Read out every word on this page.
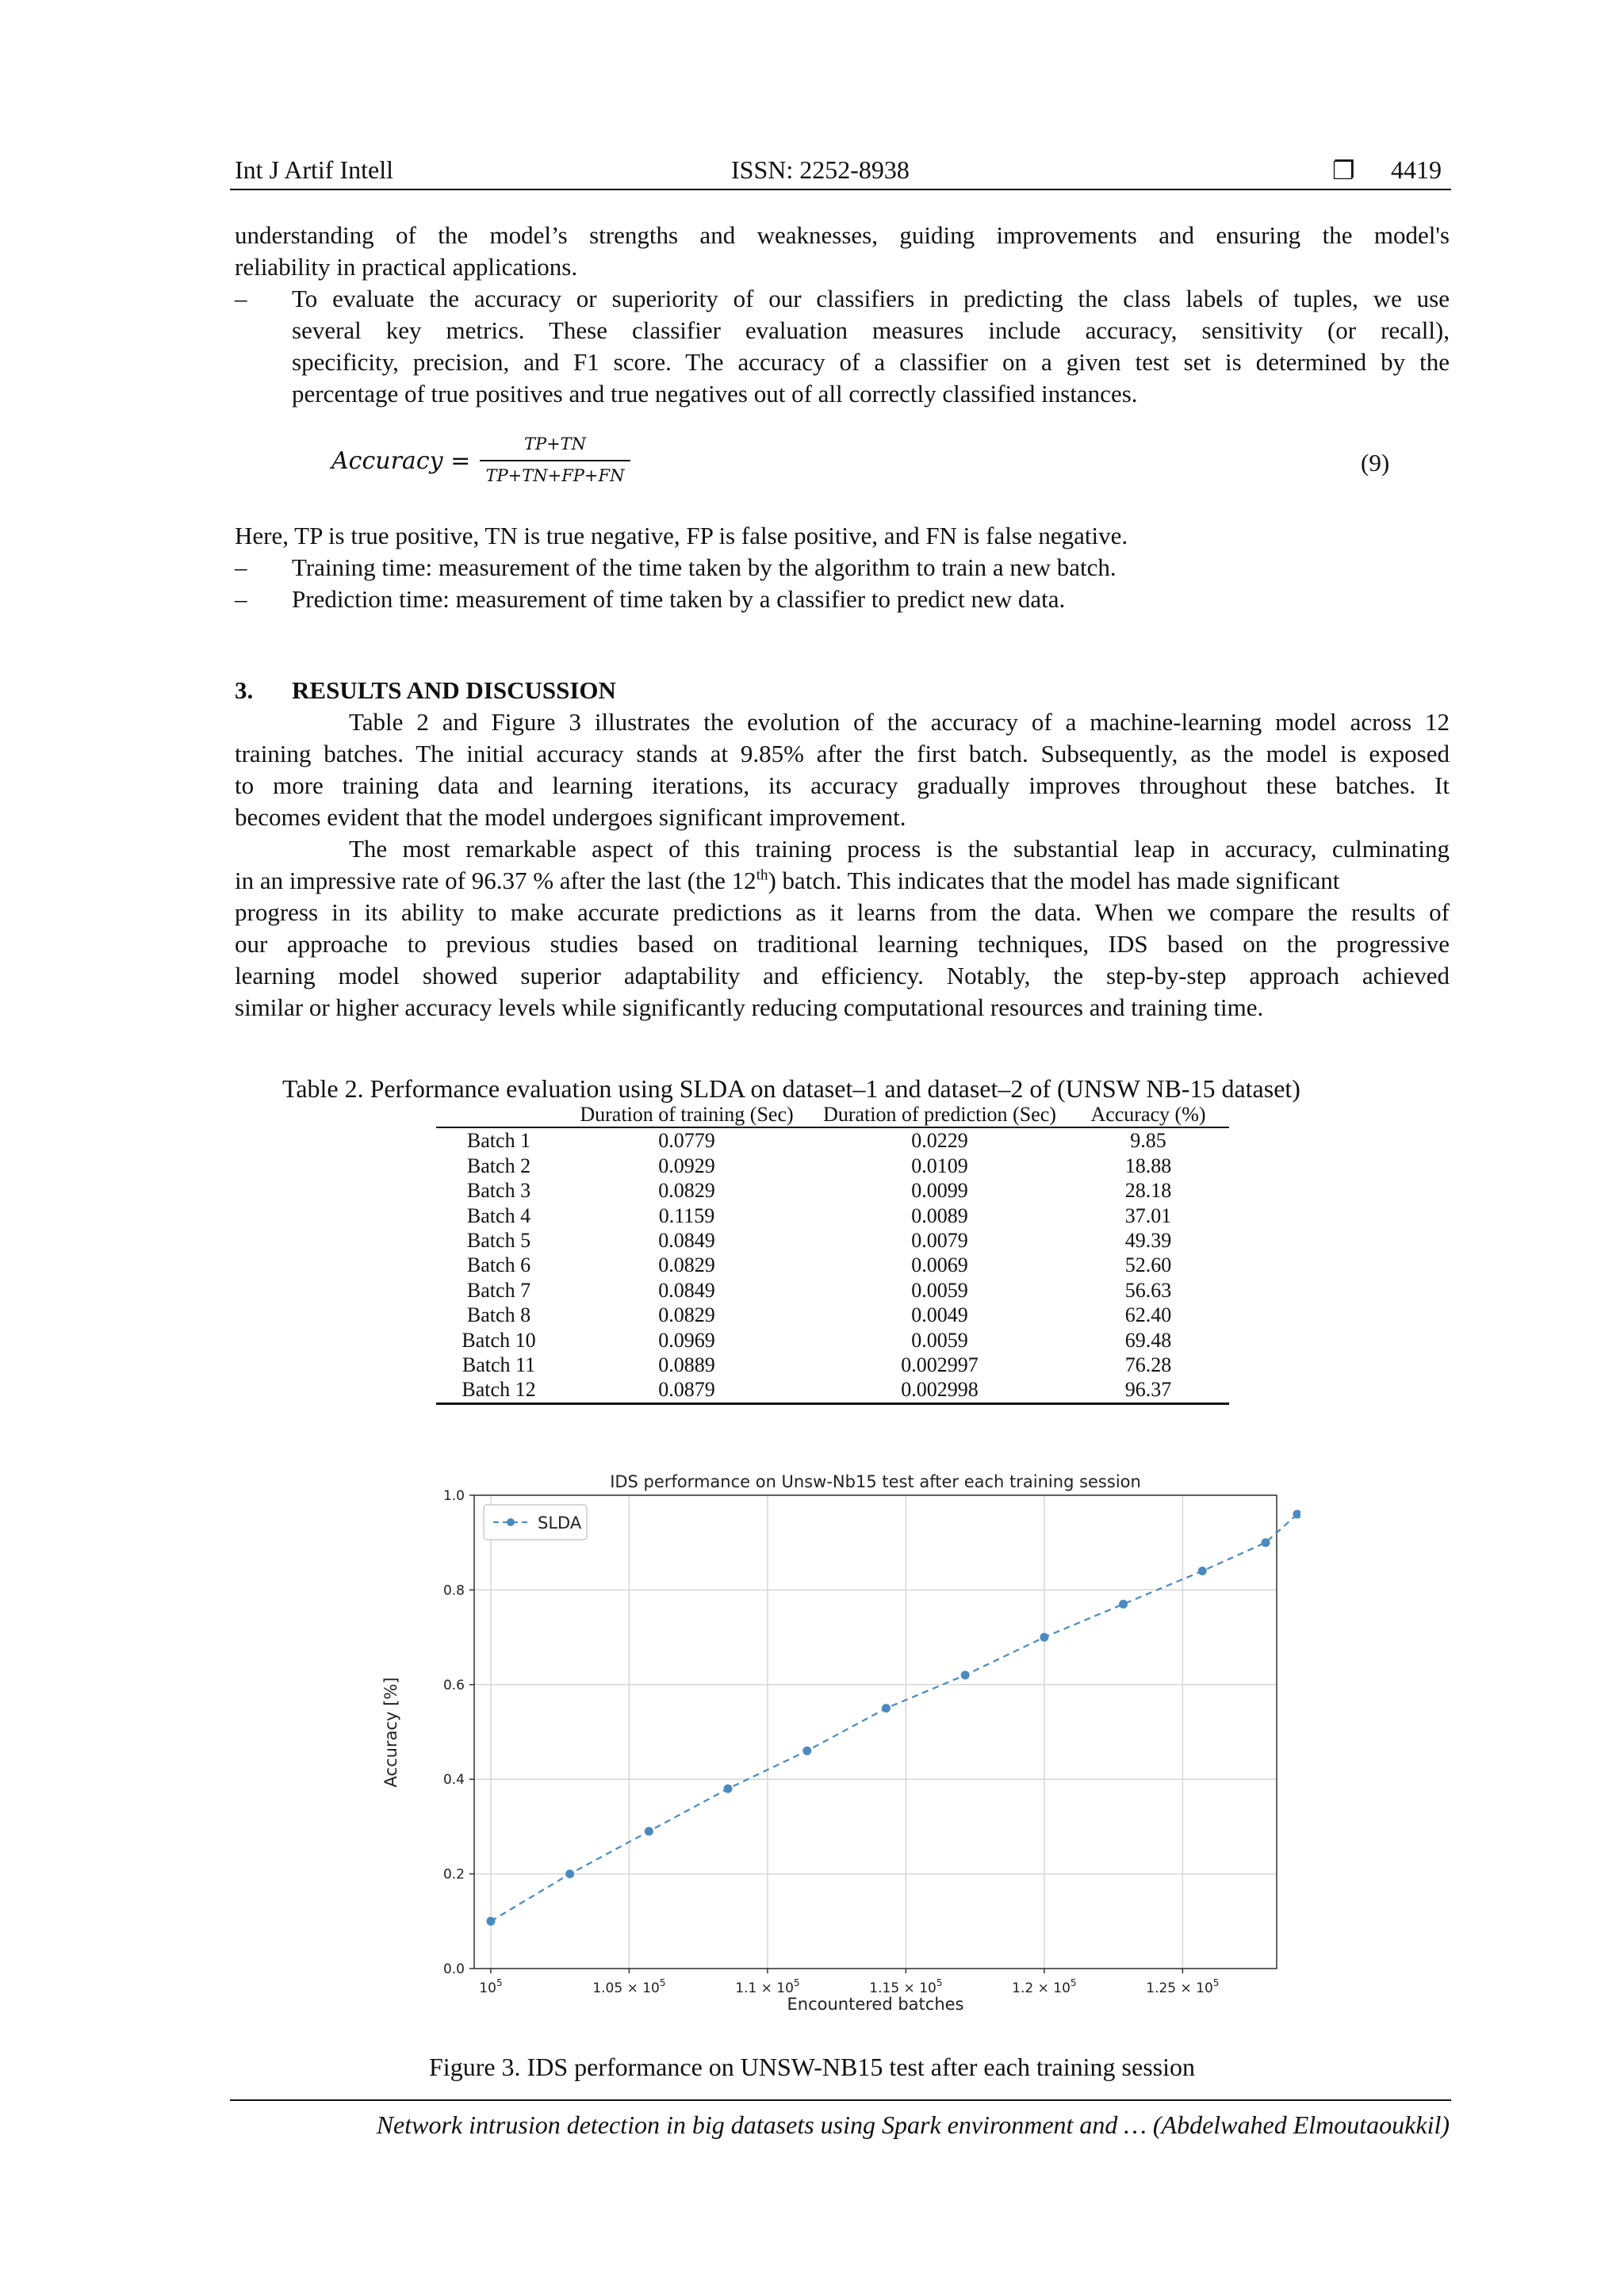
Int J Artif Intell	ISSN: 2252-8938	❐ 4419
understanding of the model’s strengths and weaknesses, guiding improvements and ensuring the model's
reliability in practical applications.
–	To evaluate the accuracy or superiority of our classifiers in predicting the class labels of tuples, we use
several key metrics. These classifier evaluation measures include accuracy, sensitivity (or recall),
specificity, precision, and F1 score. The accuracy of a classifier on a given test set is determined by the
percentage of true positives and true negatives out of all correctly classified instances.
Accuracy =
TP+TN
TP+TN+FP+FN	(9)
Here, TP is true positive, TN is true negative, FP is false positive, and FN is false negative.
–	Training time: measurement of the time taken by the algorithm to train a new batch.
–	Prediction time: measurement of time taken by a classifier to predict new data.
3. RESULTS AND DISCUSSION
Table 2 and Figure 3 illustrates the evolution of the accuracy of a machine-learning model across 12
training batches. The initial accuracy stands at 9.85% after the first batch. Subsequently, as the model is exposed
to more training data and learning iterations, its accuracy gradually improves throughout these batches. It
becomes evident that the model undergoes significant improvement.
The most remarkable aspect of this training process is the substantial leap in accuracy, culminating
in an impressive rate of 96.37 % after the last (the 12th) batch. This indicates that the model has made significant
progress in its ability to make accurate predictions as it learns from the data. When we compare the results of
our approache to previous studies based on traditional learning techniques, IDS based on the progressive
learning model showed superior adaptability and efficiency. Notably, the step-by-step approach achieved
similar or higher accuracy levels while significantly reducing computational resources and training time.
Table 2. Performance evaluation using SLDA on dataset–1 and dataset–2 of (UNSW NB-15 dataset)
	Duration of training (Sec)	Duration of prediction (Sec)	Accuracy (%)
Batch 1	0.0779	0.0229	9.85
Batch 2	0.0929	0.0109	18.88
Batch 3	0.0829	0.0099	28.18
Batch 4	0.1159	0.0089	37.01
Batch 5	0.0849	0.0079	49.39
Batch 6	0.0829	0.0069	52.60
Batch 7	0.0849	0.0059	56.63
Batch 8	0.0829	0.0049	62.40
Batch 10	0.0969	0.0059	69.48
Batch 11	0.0889	0.002997	76.28
Batch 12	0.0879	0.002998	96.37
0.0
0.2
0.4
0.6
0.8
1.0
$10^5$	$1.05 \times 10^5$	$1.1 \times 10^5$	$1.15 \times 10^5$	$1.2 \times 10^5$	$1.25 \times 10^5$
IDS performance on Unsw-Nb15 test after each training session
Encountered batches
Accuracy [%]
SLDA
Figure 3. IDS performance on UNSW-NB15 test after each training session
Network intrusion detection in big datasets using Spark environment and … (Abdelwahed Elmoutaoukkil)
